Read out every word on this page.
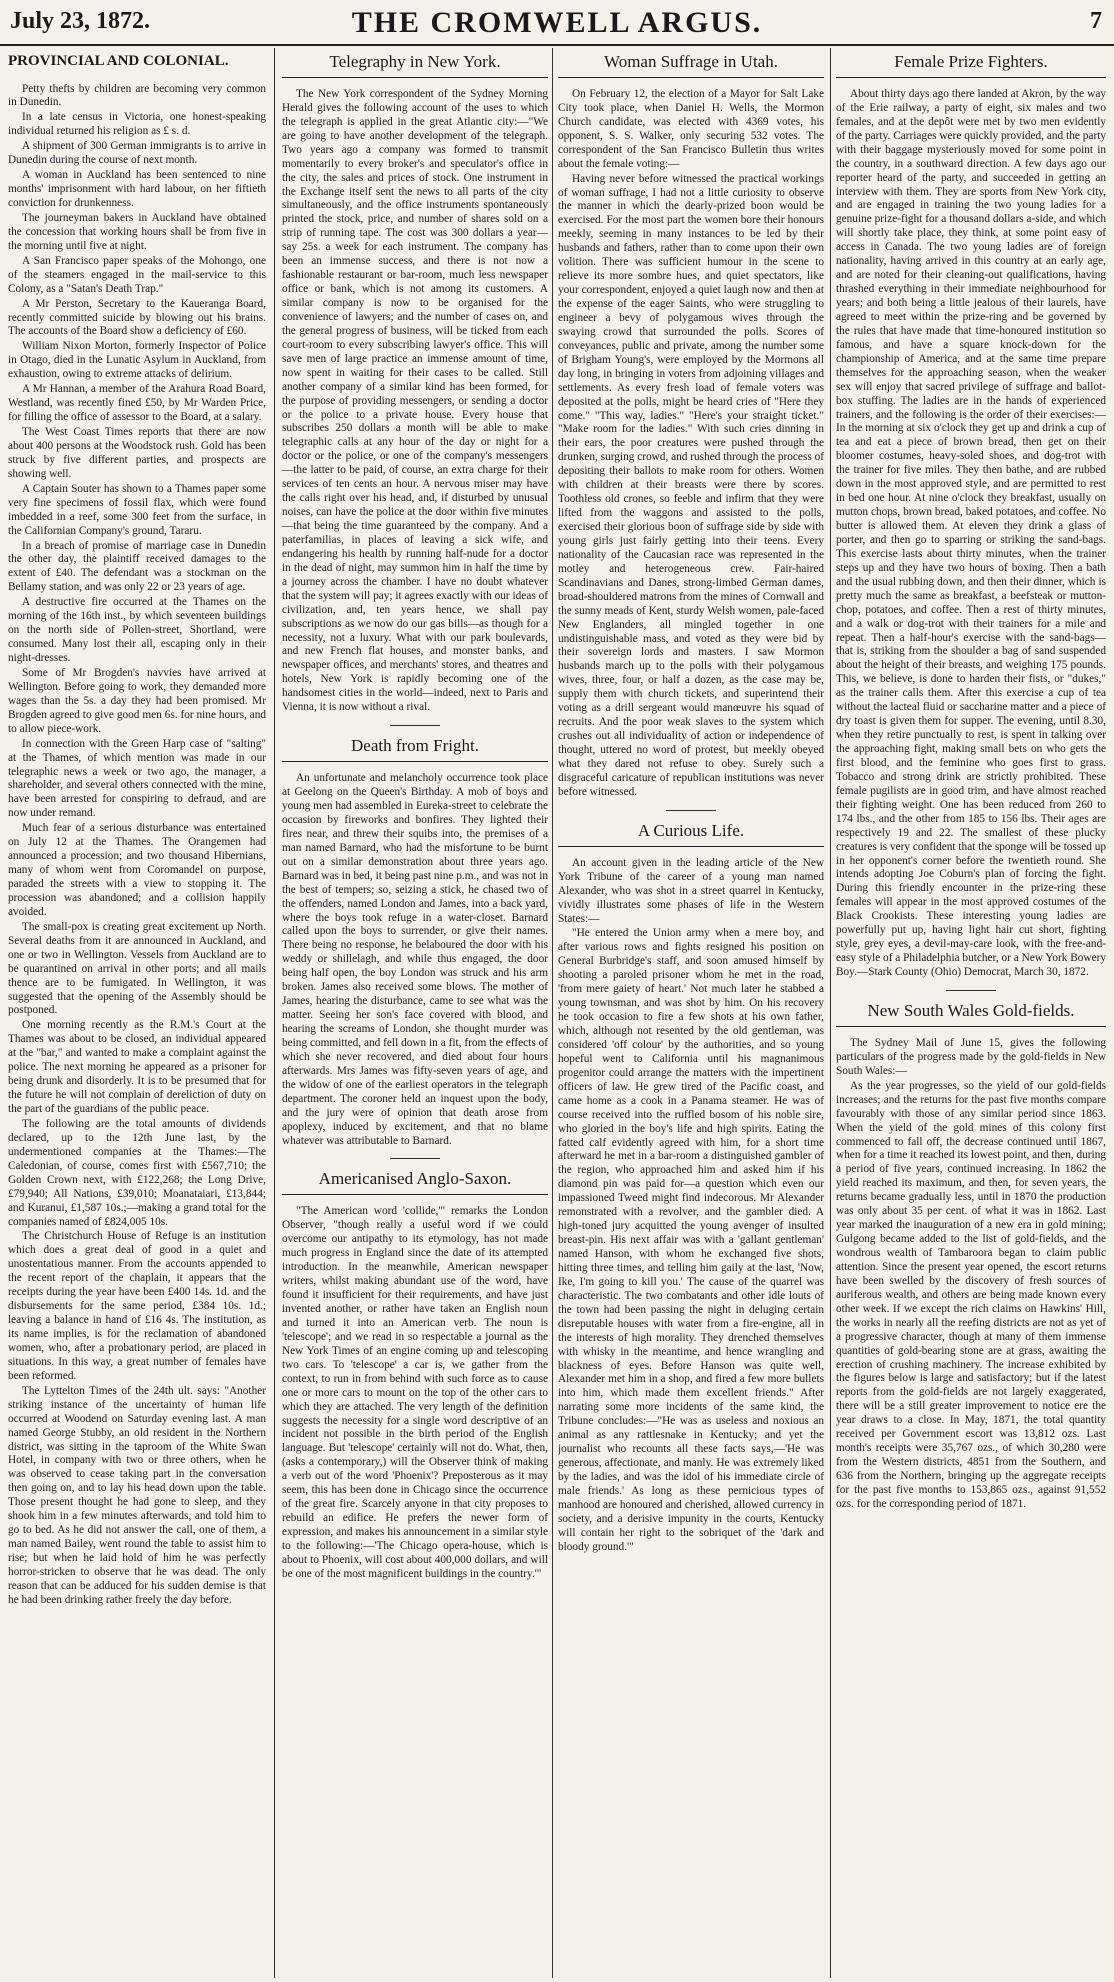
July 23, 1872.	THE CROMWELL ARGUS.	7
PROVINCIAL AND COLONIAL.

Petty thefts by children are becoming very common in Dunedin.

In a late census in Victoria, one honest-speaking individual returned his religion as £ s. d.

A shipment of 300 German immigrants is to arrive in Dunedin during the course of next month.

A woman in Auckland has been sentenced to nine months' imprisonment with hard labour, on her fiftieth conviction for drunkenness.

The journeyman bakers in Auckland have obtained the concession that working hours shall be from five in the morning until five at night.

A San Francisco paper speaks of the Mohongo, one of the steamers engaged in the mail-service to this Colony, as a "Satan's Death Trap."

A Mr Perston, Secretary to the Kauerangа Board, recently committed suicide by blowing out his brains. The accounts of the Board show a deficiency of £60.

William Nixon Morton, formerly Inspector of Police in Otago, died in the Lunatic Asylum in Auckland, from exhaustion, owing to extreme attacks of delirium.

A Mr Hannan, a member of the Arahura Road Board, Westland, was recently fined £50, by Mr Warden Price, for filling the office of assessor to the Board, at a salary.

The West Coast Times reports that there are now about 400 persons at the Woodstock rush. Gold has been struck by five different parties, and prospects are showing well.

A Captain Souter has shown to a Thames paper some very fine specimens of fossil flax, which were found imbedded in a reef, some 300 feet from the surface, in the Californian Company's ground, Tararu.

In a breach of promise of marriage case in Dunedin the other day, the plaintiff received damages to the extent of £40. The defendant was a stockman on the Bellamy station, and was only 22 or 23 years of age.

A destructive fire occurred at the Thames on the morning of the 16th inst., by which seventeen buildings on the north side of Pollen-street, Shortland, were consumed. Many lost their all, escaping only in their night-dresses.

Some of Mr Brogden's navvies have arrived at Wellington. Before going to work, they demanded more wages than the 5s. a day they had been promised. Mr Brogden agreed to give good men 6s. for nine hours, and to allow piece-work.

In connection with the Green Harp case of "salting" at the Thames, of which mention was made in our telegraphic news a week or two ago, the manager, a shareholder, and several others connected with the mine, have been arrested for conspiring to defraud, and are now under remand.

Much fear of a serious disturbance was entertained on July 12 at the Thames. The Orangemen had announced a procession; and two thousand Hibernians, many of whom went from Coromandel on purpose, paraded the streets with a view to stopping it. The procession was abandoned; and a collision happily avoided.

The small-pox is creating great excitement up North. Several deaths from it are announced in Auckland, and one or two in Wellington. Vessels from Auckland are to be quarantined on arrival in other ports; and all mails thence are to be fumigated. In Wellington, it was suggested that the opening of the Assembly should be postponed.

One morning recently as the R.M.'s Court at the Thames was about to be closed, an individual appeared at the "bar," and wanted to make a complaint against the police. The next morning he appeared as a prisoner for being drunk and disorderly. It is to be presumed that for the future he will not complain of dereliction of duty on the part of the guardians of the public peace.

The following are the total amounts of dividends declared, up to the 12th June last, by the undermentioned companies at the Thames:—The Caledonian, of course, comes first with £567,710; the Golden Crown next, with £122,268; the Long Drive, £79,940; All Nations, £39,010; Moanataiari, £13,844; and Kuranui, £1,587 10s.;—making a grand total for the companies named of £824,005 10s.

The Christchurch House of Refuge is an institution which does a great deal of good in a quiet and unostentatious manner. From the accounts appended to the recent report of the chaplain, it appears that the receipts during the year have been £400 14s. 1d. and the disbursements for the same period, £384 10s. 1d.; leaving a balance in hand of £16 4s. The institution, as its name implies, is for the reclamation of abandoned women, who, after a probationary period, are placed in situations. In this way, a great number of females have been reformed.

The Lyttelton Times of the 24th ult. says: "Another striking instance of the uncertainty of human life occurred at Woodend on Saturday evening last. A man named George Stubby, an old resident in the Northern district, was sitting in the taproom of the White Swan Hotel, in company with two or three others, when he was observed to cease taking part in the conversation then going on, and to lay his head down upon the table. Those present thought he had gone to sleep, and they shook him in a few minutes afterwards, and told him to go to bed. As he did not answer the call, one of them, a man named Bailey, went round the table to assist him to rise; but when he laid hold of him he was perfectly horror-stricken to observe that he was dead. The only reason that can be adduced for his sudden demise is that he had been drinking rather freely the day before.

Telegraphy in New York.

The New York correspondent of the Sydney Morning Herald gives the following account of the uses to which the telegraph is applied in the great Atlantic city:—"We are going to have another development of the telegraph. Two years ago a company was formed to transmit momentarily to every broker's and speculator's office in the city, the sales and prices of stock. One instrument in the Exchange itself sent the news to all parts of the city simultaneously, and the office instruments spontaneously printed the stock, price, and number of shares sold on a strip of running tape. The cost was 300 dollars a year—say 25s. a week for each instrument. The company has been an immense success, and there is not now a fashionable restaurant or bar-room, much less newspaper office or bank, which is not among its customers. A similar company is now to be organised for the convenience of lawyers; and the number of cases on, and the general progress of business, will be ticked from each court-room to every subscribing lawyer's office. This will save men of large practice an immense amount of time, now spent in waiting for their cases to be called. Still another company of a similar kind has been formed, for the purpose of providing messengers, or sending a doctor or the police to a private house. Every house that subscribes 250 dollars a month will be able to make telegraphic calls at any hour of the day or night for a doctor or the police, or one of the company's messengers—the latter to be paid, of course, an extra charge for their services of ten cents an hour. A nervous miser may have the calls right over his head, and, if disturbed by unusual noises, can have the police at the door within five minutes—that being the time guaranteed by the company. And a paterfamilias, in places of leaving a sick wife, and endangering his health by running half-nude for a doctor in the dead of night, may summon him in half the time by a journey across the chamber. I have no doubt whatever that the system will pay; it agrees exactly with our ideas of civilization, and, ten years hence, we shall pay subscriptions as we now do our gas bills—as though for a necessity, not a luxury. What with our park boulevards, and new French flat houses, and monster banks, and newspaper offices, and merchants' stores, and theatres and hotels, New York is rapidly becoming one of the handsomest cities in the world—indeed, next to Paris and Vienna, it is now without a rival.

Death from Fright.

An unfortunate and melancholy occurrence took place at Geelong on the Queen's Birthday. A mob of boys and young men had assembled in Eureka-street to celebrate the occasion by fireworks and bonfires. They lighted their fires near, and threw their squibs into, the premises of a man named Barnard, who had the misfortune to be burnt out on a similar demonstration about three years ago. Barnard was in bed, it being past nine p.m., and was not in the best of tempers; so, seizing a stick, he chased two of the offenders, named London and James, into a back yard, where the boys took refuge in a water-closet. Barnard called upon the boys to surrender, or give their names. There being no response, he belaboured the door with his weddy or shillelagh, and while thus engaged, the door being half open, the boy London was struck and his arm broken. James also received some blows. The mother of James, hearing the disturbance, came to see what was the matter. Seeing her son's face covered with blood, and hearing the screams of London, she thought murder was being committed, and fell down in a fit, from the effects of which she never recovered, and died about four hours afterwards. Mrs James was fifty-seven years of age, and the widow of one of the earliest operators in the telegraph department. The coroner held an inquest upon the body, and the jury were of opinion that death arose from apoplexy, induced by excitement, and that no blame whatever was attributable to Barnard.

Americanised Anglo-Saxon.

"The American word 'collide,'" remarks the London Observer, "though really a useful word if we could overcome our antipathy to its etymology, has not made much progress in England since the date of its attempted introduction. In the meanwhile, American newspaper writers, whilst making abundant use of the word, have found it insufficient for their requirements, and have just invented another, or rather have taken an English noun and turned it into an American verb. The noun is 'telescope'; and we read in so respectable a journal as the New York Times of an engine coming up and telescoping two cars. To 'telescope' a car is, we gather from the context, to run in from behind with such force as to cause one or more cars to mount on the top of the other cars to which they are attached. The very length of the definition suggests the necessity for a single word descriptive of an incident not possible in the birth period of the English language. But 'telescope' certainly will not do. What, then, (asks a contemporary,) will the Observer think of making a verb out of the word 'Phoenix'? Preposterous as it may seem, this has been done in Chicago since the occurrence of the great fire. Scarcely anyone in that city proposes to rebuild an edifice. He prefers the newer form of expression, and makes his announcement in a similar style to the following:—'The Chicago opera-house, which is about to Phoenix, will cost about 400,000 dollars, and will be one of the most magnificent buildings in the country.'"

Woman Suffrage in Utah.

On February 12, the election of a Mayor for Salt Lake City took place, when Daniel H. Wells, the Mormon Church candidate, was elected with 4369 votes, his opponent, S. S. Walker, only securing 532 votes. The correspondent of the San Francisco Bulletin thus writes about the female voting:—

Having never before witnessed the practical workings of woman suffrage, I had not a little curiosity to observe the manner in which the dearly-prized boon would be exercised. For the most part the women bore their honours meekly, seeming in many instances to be led by their husbands and fathers, rather than to come upon their own volition. There was sufficient humour in the scene to relieve its more sombre hues, and quiet spectators, like your correspondent, enjoyed a quiet laugh now and then at the expense of the eager Saints, who were struggling to engineer a bevy of polygamous wives through the swaying crowd that surrounded the polls. Scores of conveyances, public and private, among the number some of Brigham Young's, were employed by the Mormons all day long, in bringing in voters from adjoining villages and settlements. As every fresh load of female voters was deposited at the polls, might be heard cries of "Here they come." "This way, ladies." "Here's your straight ticket." "Make room for the ladies." With such cries dinning in their ears, the poor creatures were pushed through the drunken, surging crowd, and rushed through the process of depositing their ballots to make room for others. Women with children at their breasts were there by scores. Toothless old crones, so feeble and infirm that they were lifted from the waggons and assisted to the polls, exercised their glorious boon of suffrage side by side with young girls just fairly getting into their teens. Every nationality of the Caucasian race was represented in the motley and heterogeneous crew. Fair-haired Scandinavians and Danes, strong-limbed German dames, broad-shouldered matrons from the mines of Cornwall and the sunny meads of Kent, sturdy Welsh women, pale-faced New Englanders, all mingled together in one undistinguishable mass, and voted as they were bid by their sovereign lords and masters. I saw Mormon husbands march up to the polls with their polygamous wives, three, four, or half a dozen, as the case may be, supply them with church tickets, and superintend their voting as a drill sergeant would manœuvre his squad of recruits. And the poor weak slaves to the system which crushes out all individuality of action or independence of thought, uttered no word of protest, but meekly obeyed what they dared not refuse to obey. Surely such a disgraceful caricature of republican institutions was never before witnessed.

A Curious Life.

An account given in the leading article of the New York Tribune of the career of a young man named Alexander, who was shot in a street quarrel in Kentucky, vividly illustrates some phases of life in the Western States:—

"He entered the Union army when a mere boy, and after various rows and fights resigned his position on General Burbridge's staff, and soon amused himself by shooting a paroled prisoner whom he met in the road, 'from mere gaiety of heart.' Not much later he stabbed a young townsman, and was shot by him. On his recovery he took occasion to fire a few shots at his own father, which, although not resented by the old gentleman, was considered 'off colour' by the authorities, and so young hopeful went to California until his magnanimous progenitor could arrange the matters with the impertinent officers of law. He grew tired of the Pacific coast, and came home as a cook in a Panama steamer. He was of course received into the ruffled bosom of his noble sire, who gloried in the boy's life and high spirits. Eating the fatted calf evidently agreed with him, for a short time afterward he met in a bar-room a distinguished gambler of the region, who approached him and asked him if his diamond pin was paid for—a question which even our impassioned Tweed might find indecorous. Mr Alexander remonstrated with a revolver, and the gambler died. A high-toned jury acquitted the young avenger of insulted breast-pin. His next affair was with a 'gallant gentleman' named Hanson, with whom he exchanged five shots, hitting three times, and telling him gaily at the last, 'Now, Ike, I'm going to kill you.' The cause of the quarrel was characteristic. The two combatants and other idle louts of the town had been passing the night in deluging certain disreputable houses with water from a fire-engine, all in the interests of high morality. They drenched themselves with whisky in the meantime, and hence wrangling and blackness of eyes. Before Hanson was quite well, Alexander met him in a shop, and fired a few more bullets into him, which made them excellent friends." After narrating some more incidents of the same kind, the Tribune concludes:—"He was as useless and noxious an animal as any rattlesnake in Kentucky; and yet the journalist who recounts all these facts says,—'He was generous, affectionate, and manly. He was extremely liked by the ladies, and was the idol of his immediate circle of male friends.' As long as these pernicious types of manhood are honoured and cherished, allowed currency in society, and a derisive impunity in the courts, Kentucky will contain her right to the sobriquet of the 'dark and bloody ground.'"

Female Prize Fighters.

About thirty days ago there landed at Akron, by the way of the Erie railway, a party of eight, six males and two females, and at the depôt were met by two men evidently of the party. Carriages were quickly provided, and the party with their baggage mysteriously moved for some point in the country, in a southward direction. A few days ago our reporter heard of the party, and succeeded in getting an interview with them. They are sports from New York city, and are engaged in training the two young ladies for a genuine prize-fight for a thousand dollars a-side, and which will shortly take place, they think, at some point easy of access in Canada. The two young ladies are of foreign nationality, having arrived in this country at an early age, and are noted for their cleaning-out qualifications, having thrashed everything in their immediate neighbourhood for years; and both being a little jealous of their laurels, have agreed to meet within the prize-ring and be governed by the rules that have made that time-honoured institution so famous, and have a square knock-down for the championship of America, and at the same time prepare themselves for the approaching season, when the weaker sex will enjoy that sacred privilege of suffrage and ballot-box stuffing. The ladies are in the hands of experienced trainers, and the following is the order of their exercises:—In the morning at six o'clock they get up and drink a cup of tea and eat a piece of brown bread, then get on their bloomer costumes, heavy-soled shoes, and dog-trot with the trainer for five miles. They then bathe, and are rubbed down in the most approved style, and are permitted to rest in bed one hour. At nine o'clock they breakfast, usually on mutton chops, brown bread, baked potatoes, and coffee. No butter is allowed them. At eleven they drink a glass of porter, and then go to sparring or striking the sand-bags. This exercise lasts about thirty minutes, when the trainer steps up and they have two hours of boxing. Then a bath and the usual rubbing down, and then their dinner, which is pretty much the same as breakfast, a beefsteak or mutton-chop, potatoes, and coffee. Then a rest of thirty minutes, and a walk or dog-trot with their trainers for a mile and repeat. Then a half-hour's exercise with the sand-bags—that is, striking from the shoulder a bag of sand suspended about the height of their breasts, and weighing 175 pounds. This, we believe, is done to harden their fists, or "dukes," as the trainer calls them. After this exercise a cup of tea without the lacteal fluid or saccharine matter and a piece of dry toast is given them for supper. The evening, until 8.30, when they retire punctually to rest, is spent in talking over the approaching fight, making small bets on who gets the first blood, and the feminine who goes first to grass. Tobacco and strong drink are strictly prohibited. These female pugilists are in good trim, and have almost reached their fighting weight. One has been reduced from 260 to 174 lbs., and the other from 185 to 156 lbs. Their ages are respectively 19 and 22. The smallest of these plucky creatures is very confident that the sponge will be tossed up in her opponent's corner before the twentieth round. She intends adopting Joe Coburn's plan of forcing the fight. During this friendly encounter in the prize-ring these females will appear in the most approved costumes of the Black Crookists. These interesting young ladies are powerfully put up, having light hair cut short, fighting style, grey eyes, a devil-may-care look, with the free-and-easy style of a Philadelphia butcher, or a New York Bowery Boy.—Stark County (Ohio) Democrat, March 30, 1872.

New South Wales Gold-fields.

The Sydney Mail of June 15, gives the following particulars of the progress made by the gold-fields in New South Wales:—

As the year progresses, so the yield of our gold-fields increases; and the returns for the past five months compare favourably with those of any similar period since 1863. When the yield of the gold mines of this colony first commenced to fall off, the decrease continued until 1867, when for a time it reached its lowest point, and then, during a period of five years, continued increasing. In 1862 the yield reached its maximum, and then, for seven years, the returns became gradually less, until in 1870 the production was only about 35 per cent. of what it was in 1862. Last year marked the inauguration of a new era in gold mining; Gulgong became added to the list of gold-fields, and the wondrous wealth of Tambaroora began to claim public attention. Since the present year opened, the escort returns have been swelled by the discovery of fresh sources of auriferous wealth, and others are being made known every other week. If we except the rich claims on Hawkins' Hill, the works in nearly all the reefing districts are not as yet of a progressive character, though at many of them immense quantities of gold-bearing stone are at grass, awaiting the erection of crushing machinery. The increase exhibited by the figures below is large and satisfactory; but if the latest reports from the gold-fields are not largely exaggerated, there will be a still greater improvement to notice ere the year draws to a close. In May, 1871, the total quantity received per Government escort was 13,812 ozs. Last month's receipts were 35,767 ozs., of which 30,280 were from the Western districts, 4851 from the Southern, and 636 from the Northern, bringing up the aggregate receipts for the past five months to 153,865 ozs., against 91,552 ozs. for the corresponding period of 1871.
